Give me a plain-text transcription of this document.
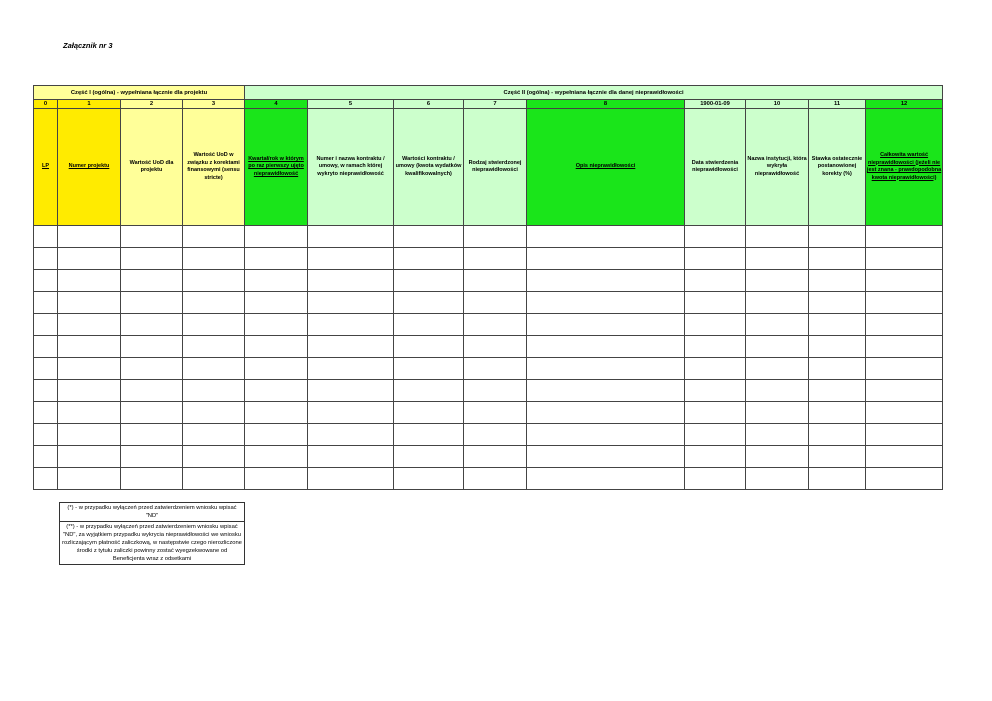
Załącznik nr 3
Część I (ogólna) - wypełniana łącznie dla projektu				Część II (ogólna) - wypełniana łącznie dla danej nieprawidłowości								
0	1	2	3	4	5	6	7	8	1900-01-09	10	11	12
LP	Numer projektu	Wartość UoD dla projektu	Wartość UoD w związku z korektami finansowymi (sensu stricte)	Kwartał/rok w którym po raz pierwszy ujęto nieprawidłowość	Numer i nazwa kontraktu / umowy, w ramach której wykryto nieprawidłowość	Wartości kontraktu / umowy (kwota wydatków kwalifikowalnych)	Rodzaj stwierdzonej nieprawidłowości	Opis nieprawidłowości	Data stwierdzenia nieprawidłowości	Nazwa instytucji, która wykryła nieprawidłowość	Stawka ostatecznie postanowionej korekty (%)	Całkowita wartość nieprawidłowości (jeżeli nie jest znana - prawdopodobna kwota nieprawidłowości)

(*) - w przypadku wyłączeń przed zatwierdzeniem wniosku wpisać "ND"
(**) - w przypadku wyłączeń przed zatwierdzeniem wniosku wpisać "ND", za wyjątkiem przypadku wykrycia nieprawidłowości we wniosku rozliczającym płatność zaliczkową, w następstwie czego nierozliczone środki z tytułu zaliczki powinny zostać wyegzekwowane od Beneficjenta wraz z odsetkami
